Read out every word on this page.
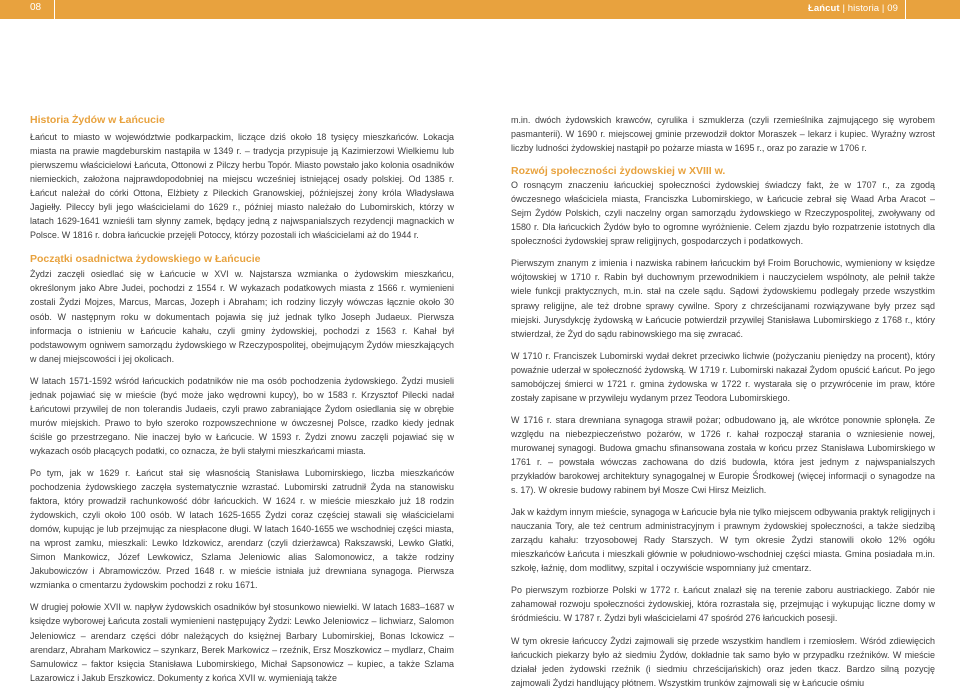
08	Łańcut | historia | 09
Historia Żydów w Łańcucie

Łańcut to miasto w województwie podkarpackim, liczące dziś około 18 tysięcy mieszkańców. Lokacja miasta na prawie magdeburskim nastąpiła w 1349 r. – tradycja przypisuje ją Kazimierzowi Wielkiemu lub pierwszemu właścicielowi Łańcuta, Ottonowi z Pilczy herbu Topór. Miasto powstało jako kolonia osadników niemieckich, założona najprawdopodobniej na miejscu wcześniej istniejącej osady polskiej. Od 1385 r. Łańcut należał do córki Ottona, Elżbiety z Pileckich Granowskiej, późniejszej żony króla Władysława Jagiełły. Pileccy byli jego właścicielami do 1629 r., później miasto należało do Lubomirskich, którzy w latach 1629-1641 wznieśli tam słynny zamek, będący jedną z najwspanialszych rezydencji magnackich w Polsce. W 1816 r. dobra łańcuckie przejęli Potoccy, którzy pozostali ich właścicielami aż do 1944 r.

Początki osadnictwa żydowskiego w Łańcucie

Żydzi zaczęli osiedlać się w Łańcucie w XVI w. Najstarsza wzmianka o żydowskim mieszkańcu, określonym jako Abre Judei, pochodzi z 1554 r. W wykazach podatkowych miasta z 1566 r. wymienieni zostali Żydzi Mojzes, Marcus, Marcas, Jozeph i Abraham; ich rodziny liczyły wówczas łącznie około 30 osób. W następnym roku w dokumentach pojawia się już jednak tylko Joseph Judaeux. Pierwsza informacja o istnieniu w Łańcucie kahału, czyli gminy żydowskiej, pochodzi z 1563 r. Kahał był podstawowym ogniwem samorządu żydowskiego w Rzeczypospolitej, obejmującym Żydów mieszkających w danej miejscowości i jej okolicach.

W latach 1571-1592 wśród łańcuckich podatników nie ma osób pochodzenia żydowskiego. Żydzi musieli jednak pojawiać się w mieście (być może jako wędrowni kupcy), bo w 1583 r. Krzysztof Pilecki nadał Łańcutowi przywilej de non tolerandis Judaeis, czyli prawo zabraniające Żydom osiedlania się w obrębie murów miejskich. Prawo to było szeroko rozpowszechnione w ówczesnej Polsce, rzadko kiedy jednak ściśle go przestrzegano. Nie inaczej było w Łańcucie. W 1593 r. Żydzi znowu zaczęli pojawiać się w wykazach osób płacących podatki, co oznacza, że byli stałymi mieszkańcami miasta.

Po tym, jak w 1629 r. Łańcut stał się własnością Stanisława Lubomirskiego, liczba mieszkańców pochodzenia żydowskiego zaczęła systematycznie wzrastać. Lubomirski zatrudnił Żyda na stanowisku faktora, który prowadził rachunkowość dóbr łańcuckich. W 1624 r. w mieście mieszkało już 18 rodzin żydowskich, czyli około 100 osób. W latach 1625-1655 Żydzi coraz częściej stawali się właścicielami domów, kupując je lub przejmując za niespłacone długi. W latach 1640-1655 we wschodniej części miasta, na wprost zamku, mieszkali: Lewko Idzkowicz, arendarz (czyli dzierżawca) Rakszawski, Lewko Głatki, Simon Mankowicz, Józef Lewkowicz, Szlama Jeleniowic alias Salomonowicz, a także rodziny Jakubowiczów i Abramowiczów. Przed 1648 r. w mieście istniała już drewniana synagoga. Pierwsza wzmianka o cmentarzu żydowskim pochodzi z roku 1671.

W drugiej połowie XVII w. napływ żydowskich osadników był stosunkowo niewielki. W latach 1683–1687 w księdze wyborowej Łańcuta zostali wymienieni następujący Żydzi: Lewko Jeleniowicz – lichwiarz, Salomon Jeleniowicz – arendarz części dóbr należących do księżnej Barbary Lubomirskiej, Bonas Ickowicz – arendarz, Abraham Markowicz – szynkarz, Berek Markowicz – rzeźnik, Ersz Moszkowicz – mydlarz, Chaim Samulowicz – faktor księcia Stanisława Lubomirskiego, Michał Sapsonowicz – kupiec, a także Szlama Lazarowicz i Jakub Erszkowicz. Dokumenty z końca XVII w. wymieniają także

m.in. dwóch żydowskich krawców, cyrulika i szmuklerza (czyli rzemieślnika zajmującego się wyrobem pasmanterii). W 1690 r. miejscowej gminie przewodził doktor Moraszek – lekarz i kupiec. Wyraźny wzrost liczby ludności żydowskiej nastąpił po pożarze miasta w 1695 r., oraz po zarazie w 1706 r.

Rozwój społeczności żydowskiej w XVIII w.

O rosnącym znaczeniu łańcuckiej społeczności żydowskiej świadczy fakt, że w 1707 r., za zgodą ówczesnego właściciela miasta, Franciszka Lubomirskiego, w Łańcucie zebrał się Waad Arba Aracot – Sejm Żydów Polskich, czyli naczelny organ samorządu żydowskiego w Rzeczypospolitej, zwoływany od 1580 r. Dla łańcuckich Żydów było to ogromne wyróżnienie. Celem zjazdu było rozpatrzenie istotnych dla społeczności żydowskiej spraw religijnych, gospodarczych i podatkowych.

Pierwszym znanym z imienia i nazwiska rabinem łańcuckim był Froim Boruchowic, wymieniony w księdze wójtowskiej w 1710 r. Rabin był duchownym przewodnikiem i nauczycielem wspólnoty, ale pełnił także wiele funkcji praktycznych, m.in. stał na czele sądu. Sądowi żydowskiemu podlegały przede wszystkim sprawy religijne, ale też drobne sprawy cywilne. Spory z chrześcijanami rozwiązywane były przez sąd miejski. Jurysdykcję żydowską w Łańcucie potwierdził przywilej Stanisława Lubomirskiego z 1768 r., który stwierdzał, że Żyd do sądu rabinowskiego ma się zwracać.

W 1710 r. Franciszek Lubomirski wydał dekret przeciwko lichwie (pożyczaniu pieniędzy na procent), który powaźnie uderzał w społeczność żydowską. W 1719 r. Lubomirski nakazał Żydom opuścić Łańcut. Po jego samobójczej śmierci w 1721 r. gmina żydowska w 1722 r. wystarała się o przywrócenie im praw, które zostały zapisane w przywileju wydanym przez Teodora Lubomirskiego.

W 1716 r. stara drewniana synagoga strawił pożar; odbudowano ją, ale wkrótce ponownie spłonęła. Ze względu na niebezpieczeństwo pożarów, w 1726 r. kahał rozpoczął starania o wzniesienie nowej, murowanej synagogi. Budowa gmachu sfinansowana została w końcu przez Stanisława Lubomirskiego w 1761 r. – powstała wówczas zachowana do dziś budowla, która jest jednym z najwspanialszych przykładów barokowej architektury synagogalnej w Europie Środkowej (więcej informacji o synagodze na s. 17). W okresie budowy rabinem był Mosze Cwi Hirsz Meizlich.

Jak w każdym innym mieście, synagoga w Łańcucie była nie tylko miejscem odbywania praktyk religijnych i nauczania Tory, ale też centrum administracyjnym i prawnym żydowskiej społeczności, a także siedzibą zarządu kahału: trzyosobowej Rady Starszych. W tym okresie Żydzi stanowili około 12% ogółu mieszkańców Łańcuta i mieszkali głównie w południowo-wschodniej części miasta. Gmina posiadała m.in. szkołę, łaźnię, dom modlitwy, szpital i oczywiście wspomniany już cmentarz.

Po pierwszym rozbiorze Polski w 1772 r. Łańcut znalazł się na terenie zaboru austriackiego. Zabór nie zahamował rozwoju społeczności żydowskiej, która rozrastała się, przejmując i wykupując liczne domy w śródmieściu. W 1787 r. Żydzi byli właścicielami 47 spośród 276 łańcuckich posesji.

W tym okresie łańcuccy Żydzi zajmowali się przede wszystkim handlem i rzemiosłem. Wśród zdiewięcich łańcuckich piekarzy było aż siedmiu Żydów, dokładnie tak samo było w przypadku rzeźników. W mieście działał jeden żydowski rzeźnik (i siedmiu chrześcijańskich) oraz jeden tkacz. Bardzo silną pozycję zajmowali Żydzi handlujący płótnem. Wszystkim trunków zajmowali się w Łańcucie ośmiu
